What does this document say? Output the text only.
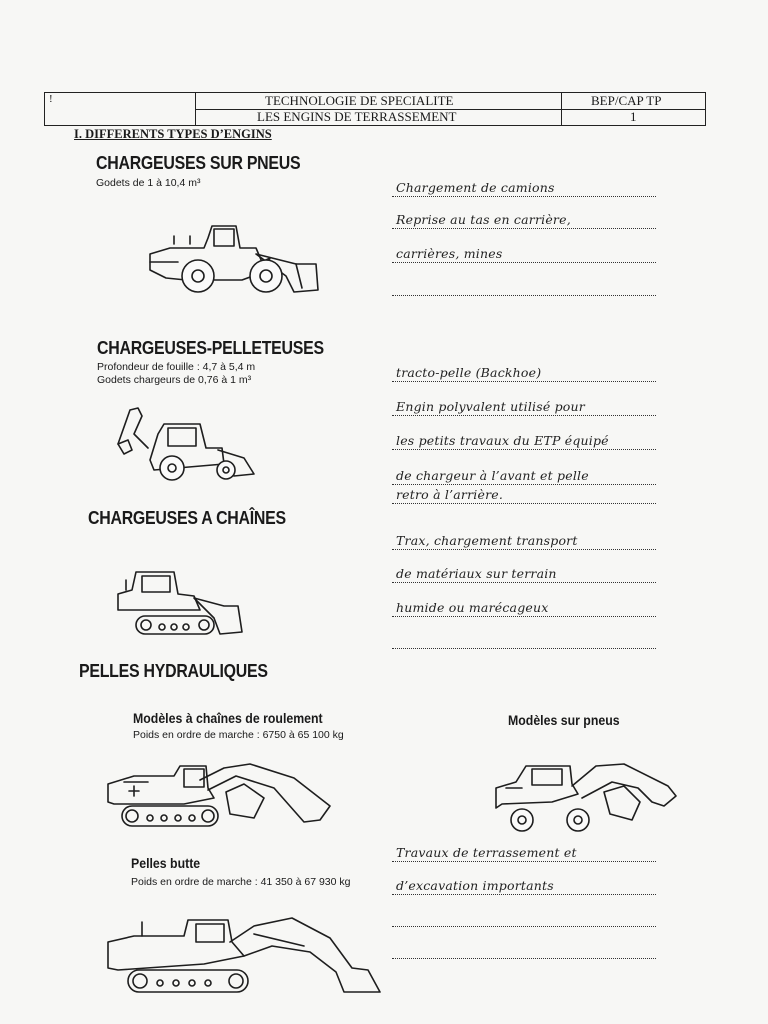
!	TECHNOLOGIE DE SPECIALITE
LES ENGINS DE TERRASSEMENT
BEP/CAP TP
1
I. DIFFERENTS TYPES D’ENGINS
CHARGEUSES SUR PNEUS
Godets de 1 à 10,4 m³
CHARGEUSES-PELLETEUSES
Profondeur de fouille : 4,7 à 5,4 m
Godets chargeurs de 0,76 à 1 m³
CHARGEUSES A CHAÎNES
PELLES HYDRAULIQUES
Modèles à chaînes de roulement
Poids en ordre de marche : 6750 à 65 100 kg
Modèles sur pneus
Pelles butte
Poids en ordre de marche : 41 350 à 67 930 kg
Chargement de camions
Reprise au tas en carrière,
carrières, mines
tracto-pelle (Backhoe)
Engin polyvalent utilisé pour
les petits travaux du ETP équipé
de chargeur à l’avant et pelle
retro à l’arrière.
Trax, chargement transport
de matériaux sur terrain
humide ou marécageux
Travaux de terrassement et
d’excavation importants
